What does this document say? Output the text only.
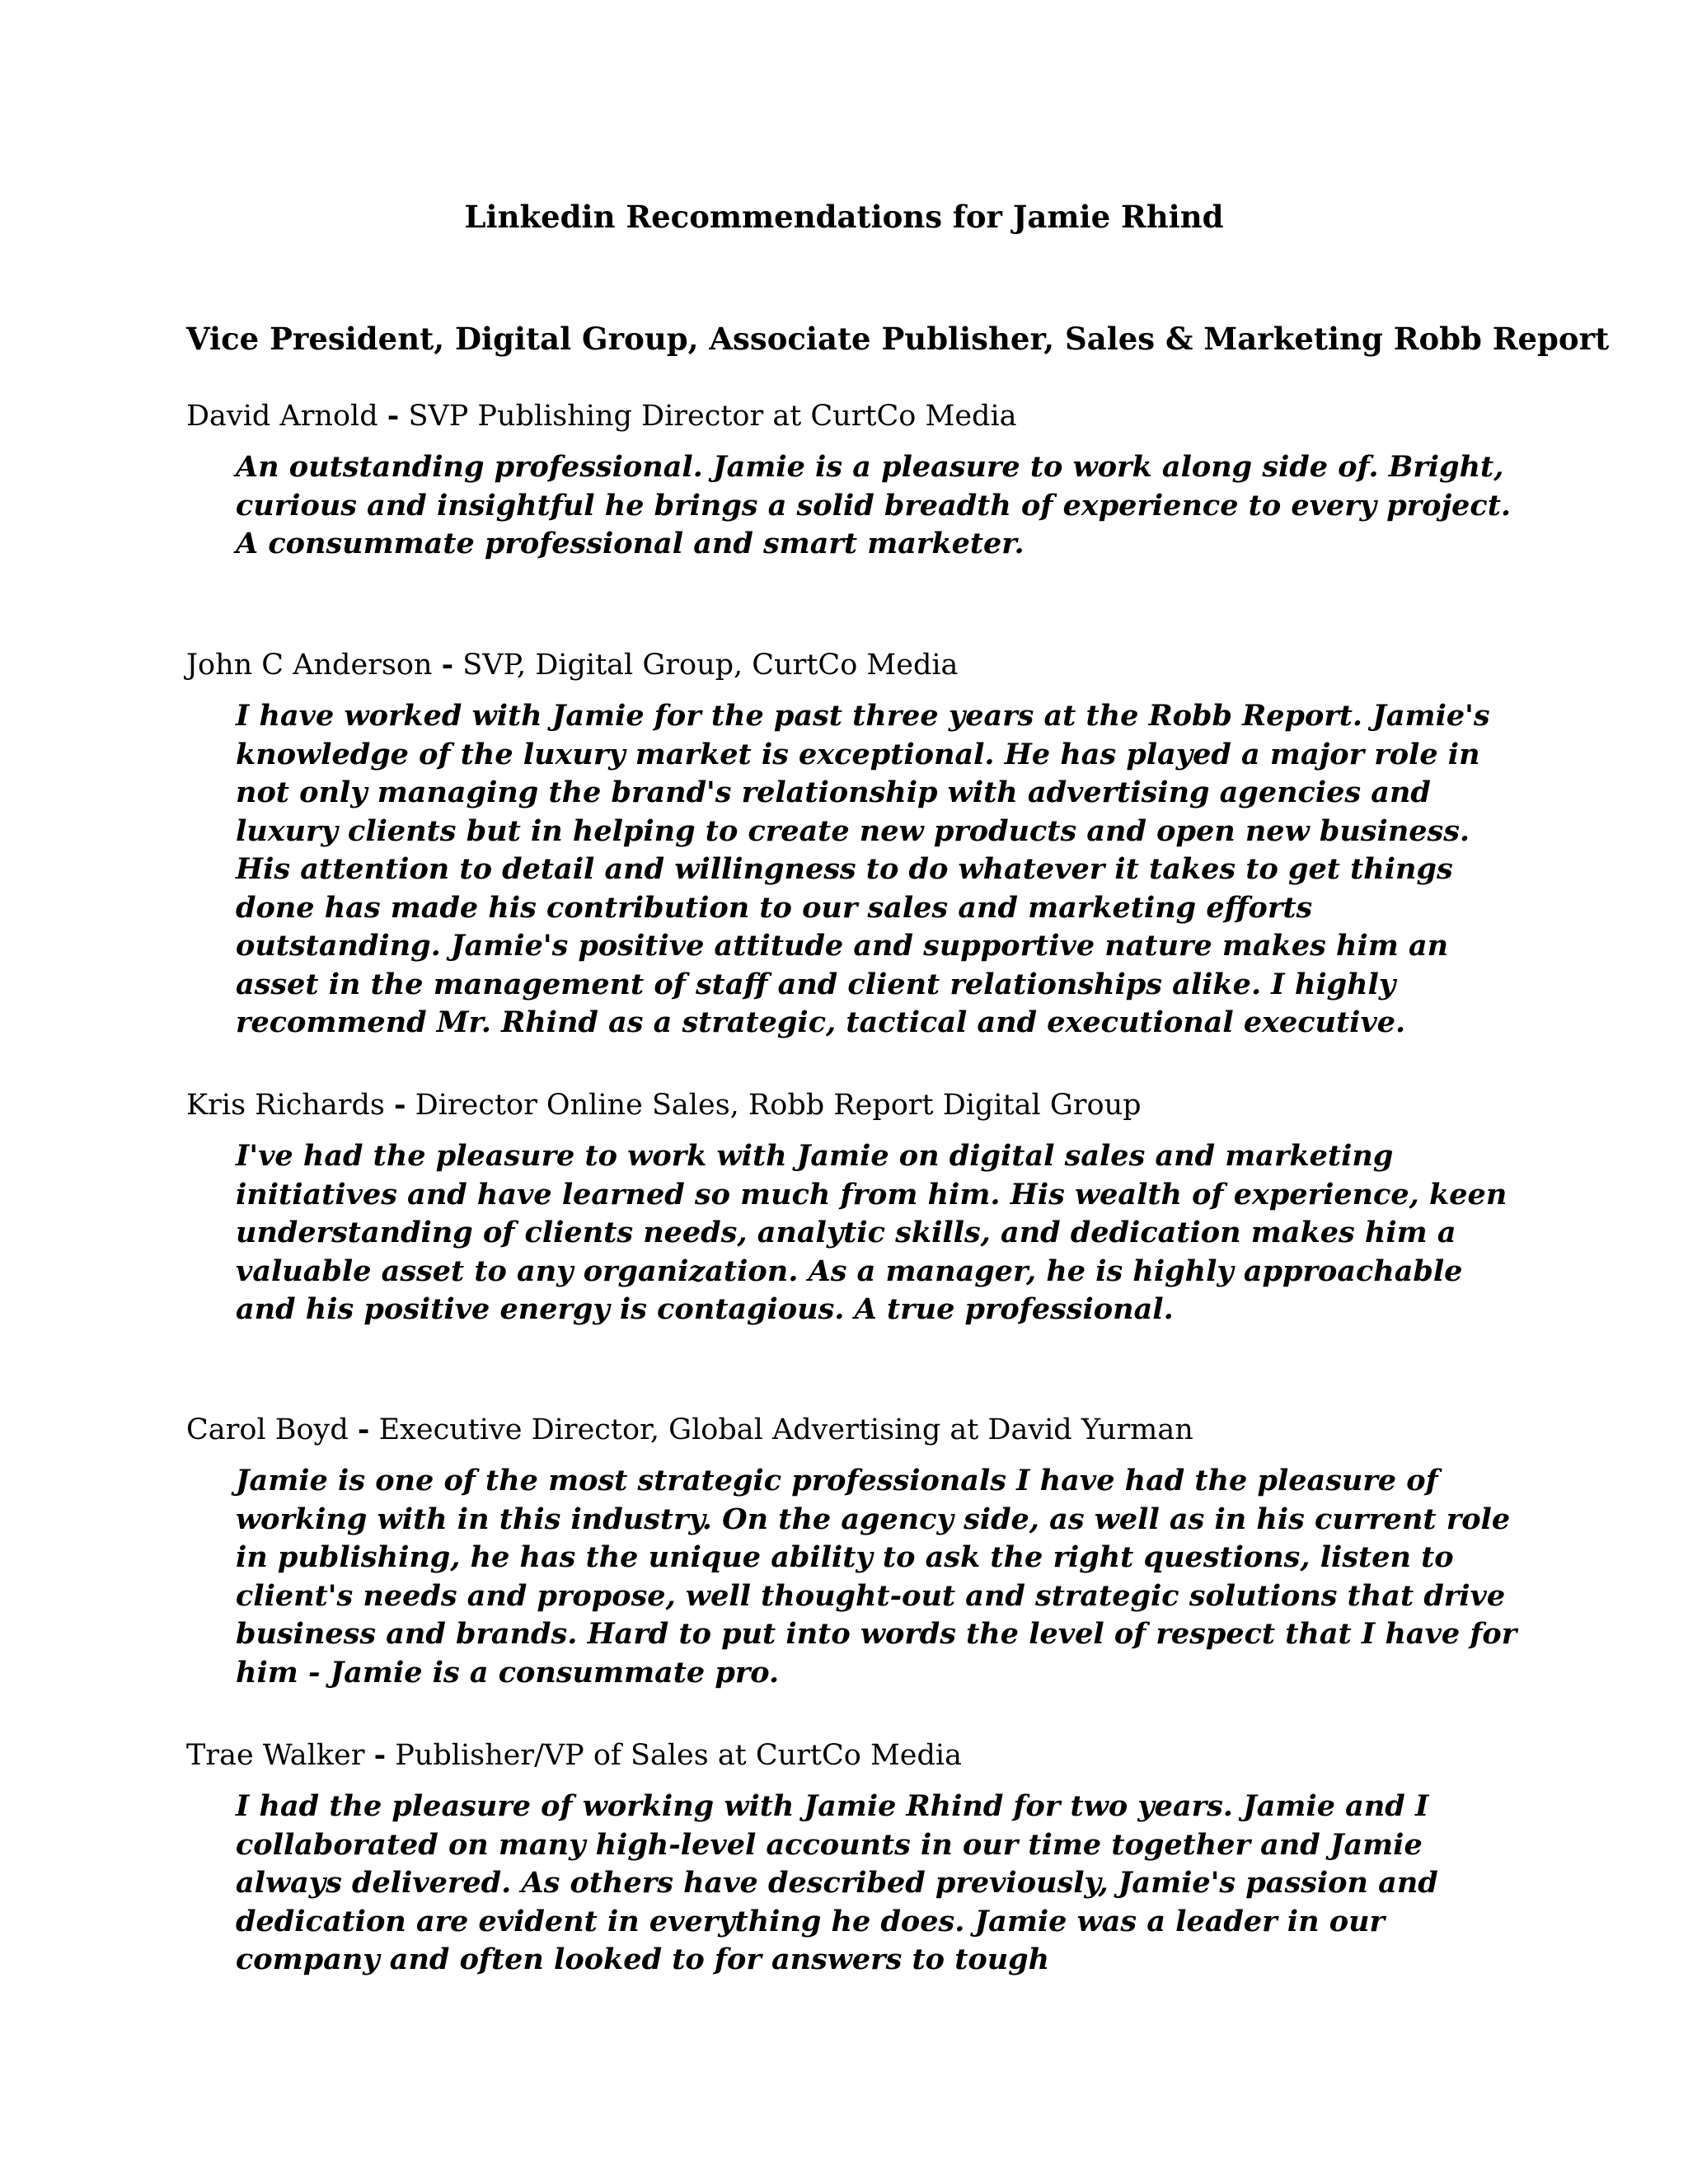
Linkedin Recommendations for Jamie Rhind
Vice President, Digital Group, Associate Publisher, Sales & Marketing Robb Report

David Arnold - SVP Publishing Director at CurtCo Media

An outstanding professional. Jamie is a pleasure to work along side of. Bright, curious and insightful he brings a solid breadth of experience to every project. A consummate professional and smart marketer.

John C Anderson - SVP, Digital Group, CurtCo Media

I have worked with Jamie for the past three years at the Robb Report. Jamie's knowledge of the luxury market is exceptional. He has played a major role in not only managing the brand's relationship with advertising agencies and luxury clients but in helping to create new products and open new business. His attention to detail and willingness to do whatever it takes to get things done has made his contribution to our sales and marketing efforts outstanding. Jamie's positive attitude and supportive nature makes him an asset in the management of staff and client relationships alike. I highly recommend Mr. Rhind as a strategic, tactical and executional executive.

Kris Richards - Director Online Sales, Robb Report Digital Group

I've had the pleasure to work with Jamie on digital sales and marketing initiatives and have learned so much from him. His wealth of experience, keen understanding of clients needs, analytic skills, and dedication makes him a valuable asset to any organization. As a manager, he is highly approachable and his positive energy is contagious. A true professional.

Carol Boyd - Executive Director, Global Advertising at David Yurman

Jamie is one of the most strategic professionals I have had the pleasure of working with in this industry. On the agency side, as well as in his current role in publishing, he has the unique ability to ask the right questions, listen to client's needs and propose, well thought-out and strategic solutions that drive business and brands. Hard to put into words the level of respect that I have for him - Jamie is a consummate pro.

Trae Walker - Publisher/VP of Sales at CurtCo Media

I had the pleasure of working with Jamie Rhind for two years. Jamie and I collaborated on many high-level accounts in our time together and Jamie always delivered. As others have described previously, Jamie's passion and dedication are evident in everything he does. Jamie was a leader in our company and often looked to for answers to tough
